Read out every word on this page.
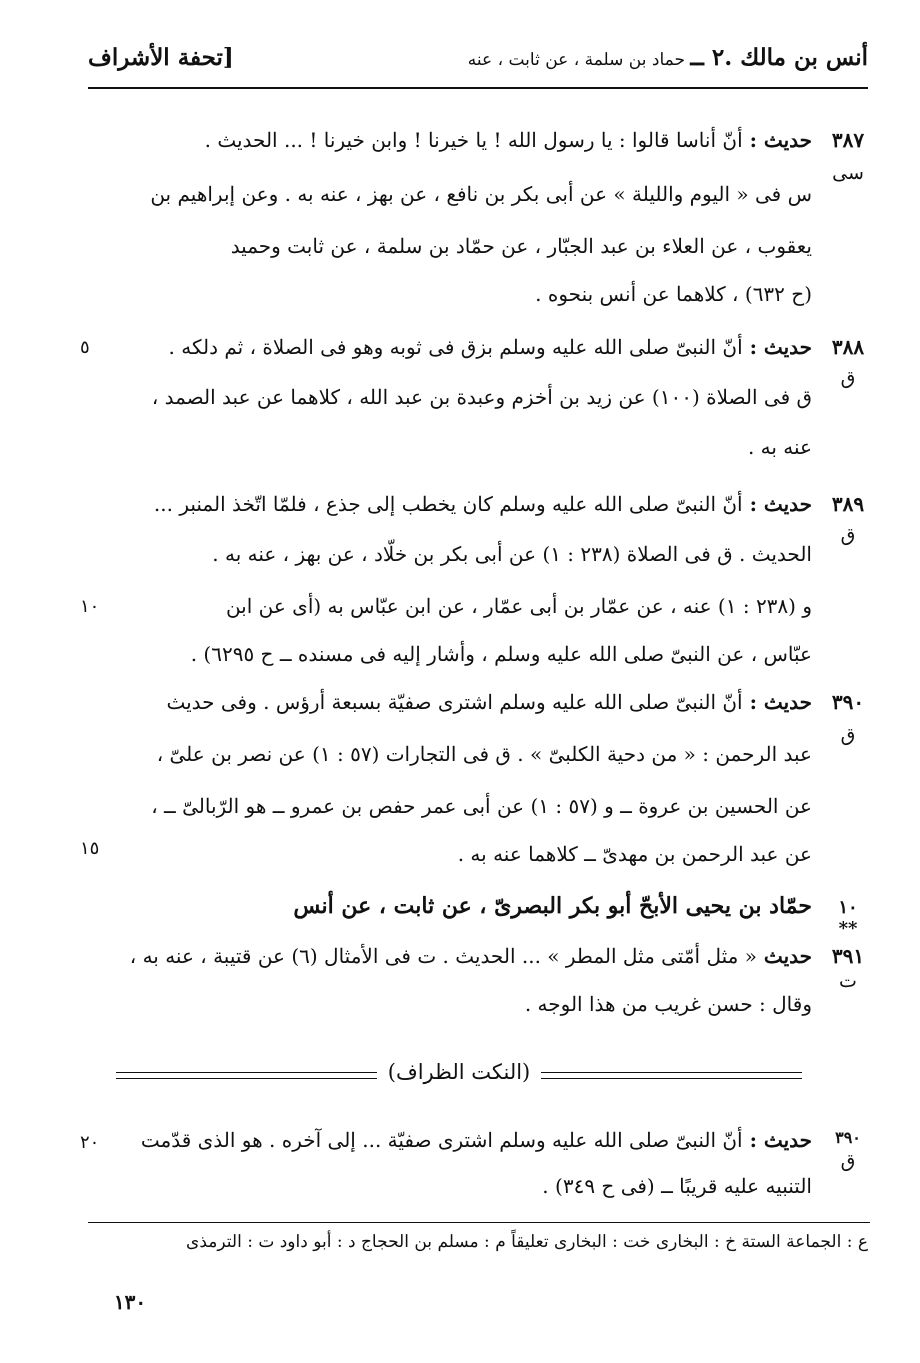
أنس بن مالك .٢ ــ حماد بن سلمة ، عن ثابت ، عنه
[تحفة الأشراف
٣٨٧
سى
حديث : أنّ أناسا قالوا : يا رسول الله ! يا خيرنا ! وابن خيرنا ! ... الحديث .
س فى « اليوم والليلة » عن أبى بكر بن نافع ، عن بهز ، عنه به . وعن إبراهيم بن
يعقوب ، عن العلاء بن عبد الجبّار ، عن حمّاد بن سلمة ، عن ثابت وحميد
(ح ٦٣٢) ، كلاهما عن أنس بنحوه .
٣٨٨
ق
٥	حديث : أنّ النبىّ صلى الله عليه وسلم بزق فى ثوبه وهو فى الصلاة ، ثم دلكه .
ق فى الصلاة (١٠٠) عن زيد بن أخزم وعبدة بن عبد الله ، كلاهما عن عبد الصمد ،
عنه به .
٣٨٩
ق
١٠
حديث : أنّ النبىّ صلى الله عليه وسلم كان يخطب إلى جذع ، فلمّا اتّخذ المنبر ...
الحديث . ق فى الصلاة (٢٣٨ : ١) عن أبى بكر بن خلّاد ، عن بهز ، عنه به .
و (٢٣٨ : ١) عنه ، عن عمّار بن أبى عمّار ، عن ابن عبّاس به (أى عن ابن
عبّاس ، عن النبىّ صلى الله عليه وسلم ، وأشار إليه فى مسنده ــ ح ٦٢٩٥) .
٣٩٠
ق
١٥
حديث : أنّ النبىّ صلى الله عليه وسلم اشترى صفيّة بسبعة أرؤس . وفى حديث
عبد الرحمن : « من دحية الكلبىّ » . ق فى التجارات (٥٧ : ١) عن نصر بن علىّ ،
عن الحسين بن عروة ــ و (٥٧ : ١) عن أبى عمر حفص بن عمرو ــ هو الرّبالىّ ــ ،
عن عبد الرحمن بن مهدىّ ــ كلاهما عنه به .
١٠ **
حمّاد بن يحيى الأبحّ أبو بكر البصرىّ ، عن ثابت ، عن أنس
٣٩١
ت
حديث « مثل أمّتى مثل المطر » ... الحديث . ت فى الأمثال (٦) عن قتيبة ، عنه به ،
وقال : حسن غريب من هذا الوجه .
(النكت الظراف)
٣٩٠
ق
٢٠	حديث : أنّ النبىّ صلى الله عليه وسلم اشترى صفيّة ... إلى آخره . هو الذى قدّمت
التنبيه عليه قريبًا ــ (فى ح ٣٤٩) .
ع : الجماعة الستة خ : البخارى خت : البخارى تعليقاً م : مسلم بن الحجاج د : أبو داود ت : الترمذى
١٣٠
